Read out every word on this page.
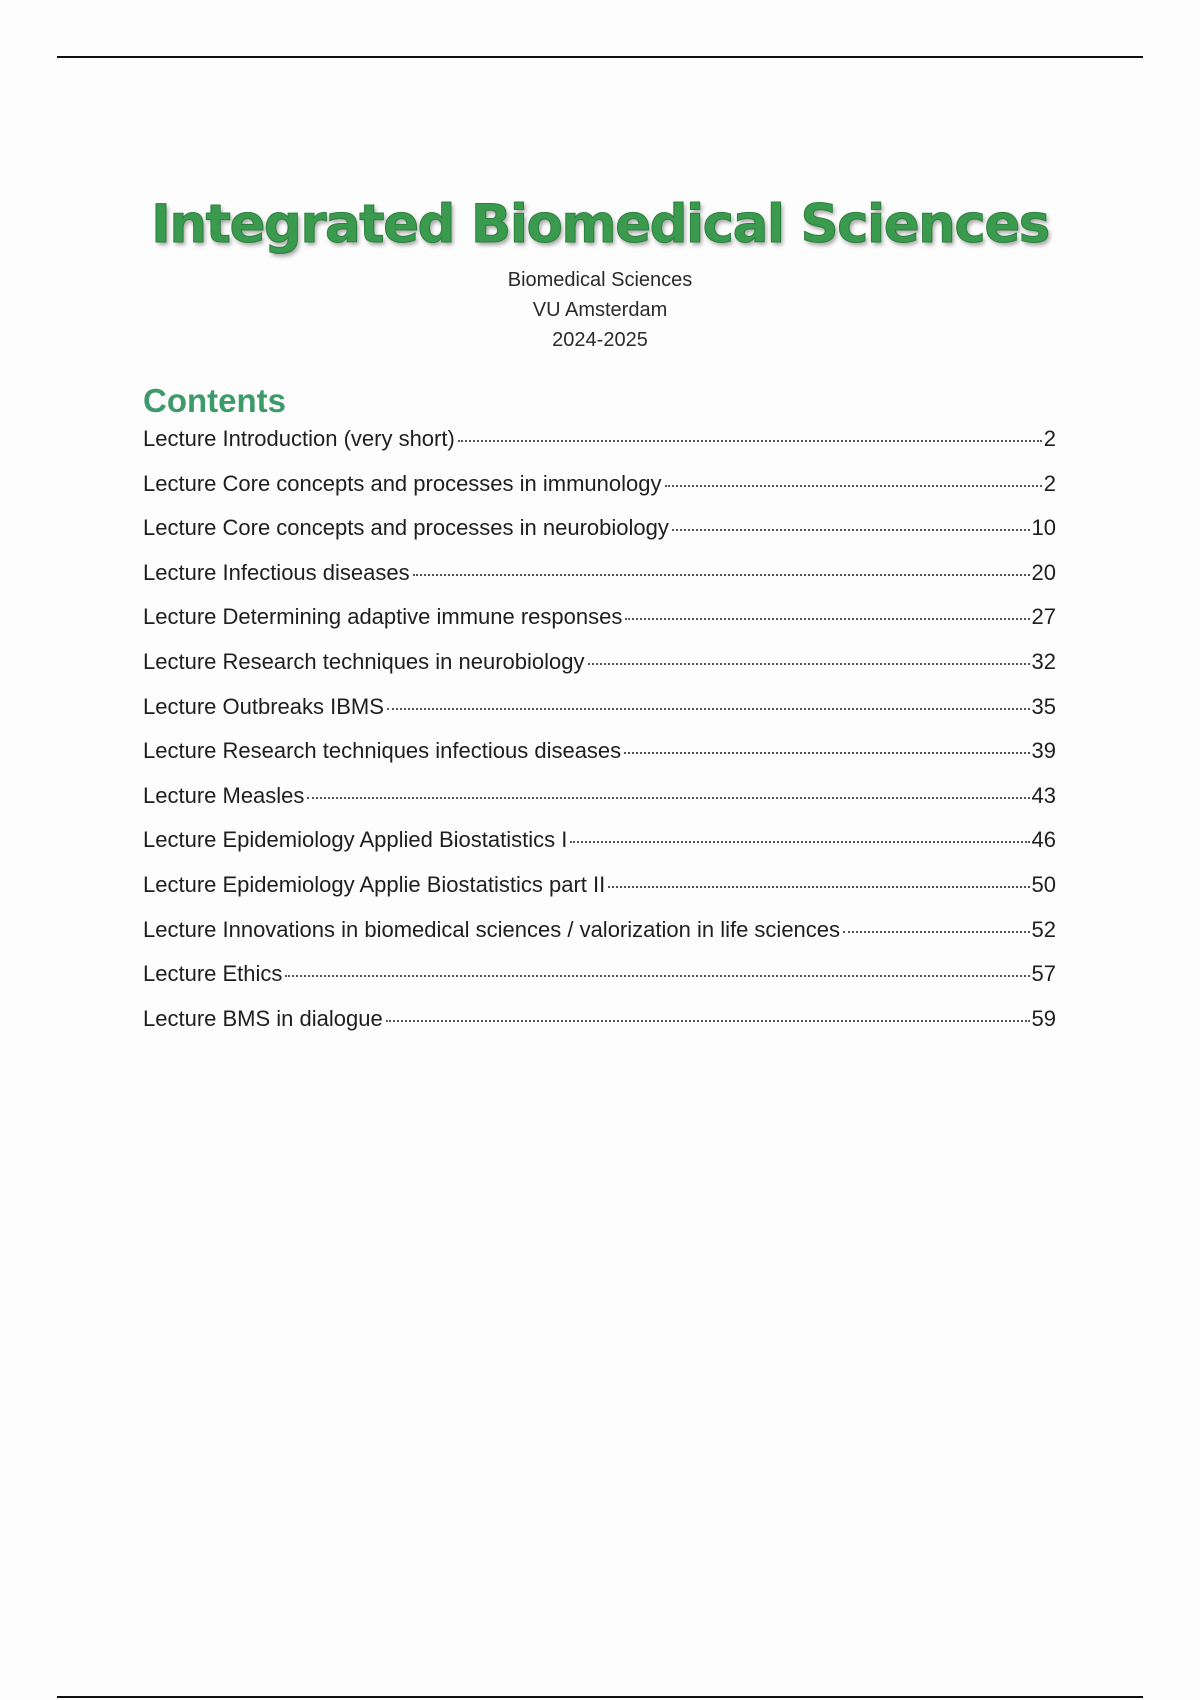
Integrated Biomedical Sciences
Biomedical Sciences
VU Amsterdam
2024-2025
Contents
Lecture Introduction (very short)	2
Lecture Core concepts and processes in immunology	2
Lecture Core concepts and processes in neurobiology	10
Lecture Infectious diseases	20
Lecture Determining adaptive immune responses	27
Lecture Research techniques in neurobiology	32
Lecture Outbreaks IBMS	35
Lecture Research techniques infectious diseases	39
Lecture Measles	43
Lecture Epidemiology Applied Biostatistics I	46
Lecture Epidemiology Applie Biostatistics part II	50
Lecture Innovations in biomedical sciences / valorization in life sciences	52
Lecture Ethics	57
Lecture BMS in dialogue	59
